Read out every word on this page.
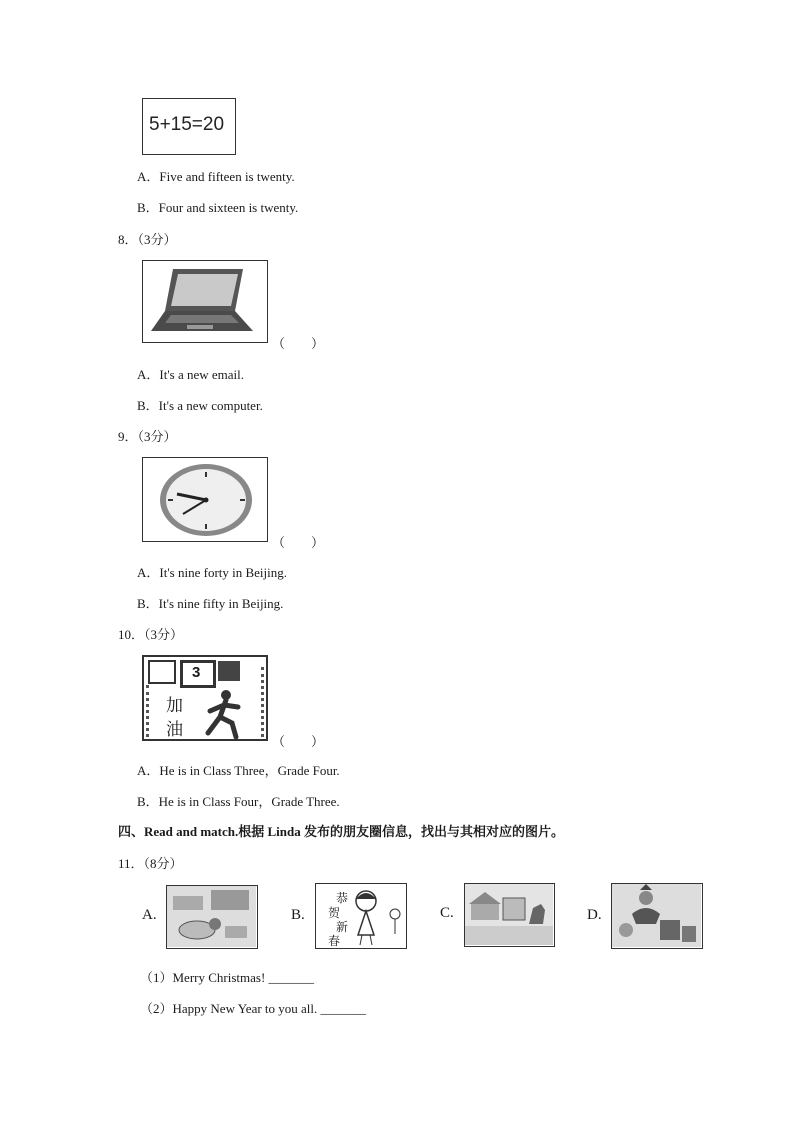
5+15=20
A．Five and fifteen is twenty.
B．Four and sixteen is twenty.
8．（3分）
（　　）
A．It's a new email.
B．It's a new computer.
9．（3分）
（　　）
A．It's nine forty in Beijing.
B．It's nine fifty in Beijing.
10．（3分）
3
加
油
（　　）
A．He is in Class Three，Grade Four.
B．He is in Class Four，Grade Three.
四、Read and match.根据 Linda 发布的朋友圈信息，找出与其相对应的图片。
11．（8分）
A.	B.
恭
贺
新
春
C.	D.
（1）Merry Christmas! _______
（2）Happy New Year to you all. _______
